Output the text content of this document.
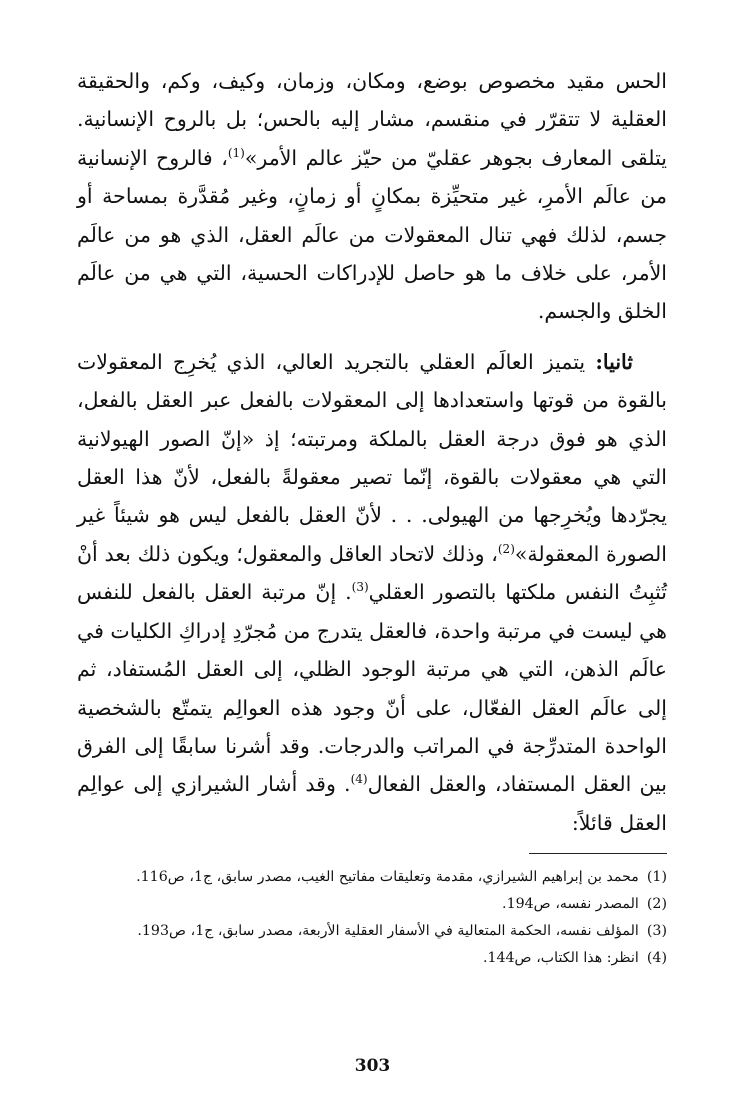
الحس مقيد مخصوص بوضع، ومكان، وزمان، وكيف، وكم، والحقيقة العقلية لا تتقرّر في منقسم، مشار إليه بالحس؛ بل بالروح الإنسانية. يتلقى المعارف بجوهر عقليّ من حيّز عالم الأمر»$^{(1)}$، فالروح الإنسانية من عالَم الأمرِ، غير متحيِّزة بمكانٍ أو زمانٍ، وغير مُقدَّرة بمساحة أو جسم، لذلك فهي تنال المعقولات من عالَم العقل، الذي هو من عالَم الأمر، على خلاف ما هو حاصل للإدراكات الحسية، التي هي من عالَم الخلق والجسم.

ثانيا: يتميز العالَم العقلي بالتجريد العالي، الذي يُخرِج المعقولات بالقوة من قوتها واستعدادها إلى المعقولات بالفعل عبر العقل بالفعل، الذي هو فوق درجة العقل بالملكة ومرتبته؛ إذ «إنّ الصور الهيولانية التي هي معقولات بالقوة، إنّما تصير معقولةً بالفعل، لأنّ هذا العقل يجرّدها ويُخرِجها من الهيولى. . . لأنّ العقل بالفعل ليس هو شيئاً غير الصورة المعقولة»$^{(2)}$، وذلك لاتحاد العاقل والمعقول؛ ويكون ذلك بعد أنْ تُثبِتُ النفس ملكتها بالتصور العقلي$^{(3)}$. إنّ مرتبة العقل بالفعل للنفس هي ليست في مرتبة واحدة، فالعقل يتدرج من مُجرّدِ إدراكِ الكليات في عالَم الذهن، التي هي مرتبة الوجود الظلي، إلى العقل المُستفاد، ثم إلى عالَم العقل الفعّال، على أنّ وجود هذه العوالِم يتمتّع بالشخصية الواحدة المتدرِّجة في المراتب والدرجات. وقد أشرنا سابقًا إلى الفرق بين العقل المستفاد، والعقل الفعال$^{(4)}$. وقد أشار الشيرازي إلى عوالِم العقل قائلاً:

(1)
محمد بن إبراهيم الشيرازي، مقدمة وتعليقات مفاتيح الغيب، مصدر سابق، ج1، ص116.
(2)
المصدر نفسه، ص194.
(3)
المؤلف نفسه، الحكمة المتعالية في الأسفار العقلية الأربعة، مصدر سابق، ج1، ص193.
(4)
انظر: هذا الكتاب، ص144.
303
